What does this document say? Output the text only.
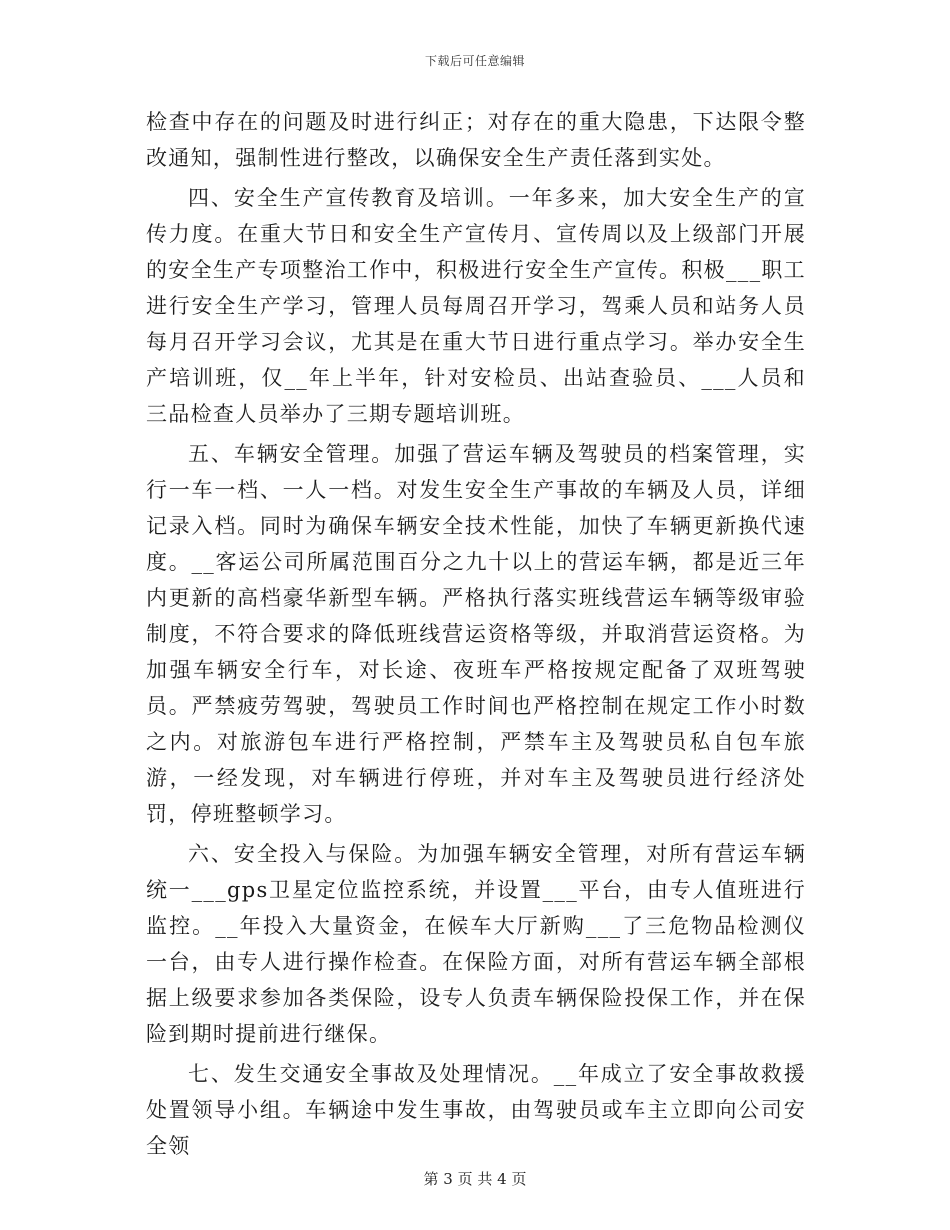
下载后可任意编辑

检查中存在的问题及时进行纠正；对存在的重大隐患，下达限令整改通知，强制性进行整改，以确保安全生产责任落到实处。

四、安全生产宣传教育及培训。一年多来，加大安全生产的宣传力度。在重大节日和安全生产宣传月、宣传周以及上级部门开展的安全生产专项整治工作中，积极进行安全生产宣传。积极___职工进行安全生产学习，管理人员每周召开学习，驾乘人员和站务人员每月召开学习会议，尤其是在重大节日进行重点学习。举办安全生产培训班，仅__年上半年，针对安检员、出站查验员、___人员和三品检查人员举办了三期专题培训班。

五、车辆安全管理。加强了营运车辆及驾驶员的档案管理，实行一车一档、一人一档。对发生安全生产事故的车辆及人员，详细记录入档。同时为确保车辆安全技术性能，加快了车辆更新换代速度。__客运公司所属范围百分之九十以上的营运车辆，都是近三年内更新的高档豪华新型车辆。严格执行落实班线营运车辆等级审验制度，不符合要求的降低班线营运资格等级，并取消营运资格。为加强车辆安全行车，对长途、夜班车严格按规定配备了双班驾驶员。严禁疲劳驾驶，驾驶员工作时间也严格控制在规定工作小时数之内。对旅游包车进行严格控制，严禁车主及驾驶员私自包车旅游，一经发现，对车辆进行停班，并对车主及驾驶员进行经济处罚，停班整顿学习。

六、安全投入与保险。为加强车辆安全管理，对所有营运车辆统一___gps卫星定位监控系统，并设置___平台，由专人值班进行监控。__年投入大量资金，在候车大厅新购___了三危物品检测仪一台，由专人进行操作检查。在保险方面，对所有营运车辆全部根据上级要求参加各类保险，设专人负责车辆保险投保工作，并在保险到期时提前进行继保。

七、发生交通安全事故及处理情况。__年成立了安全事故救援处置领导小组。车辆途中发生事故，由驾驶员或车主立即向公司安全领

第 3 页 共 4 页
